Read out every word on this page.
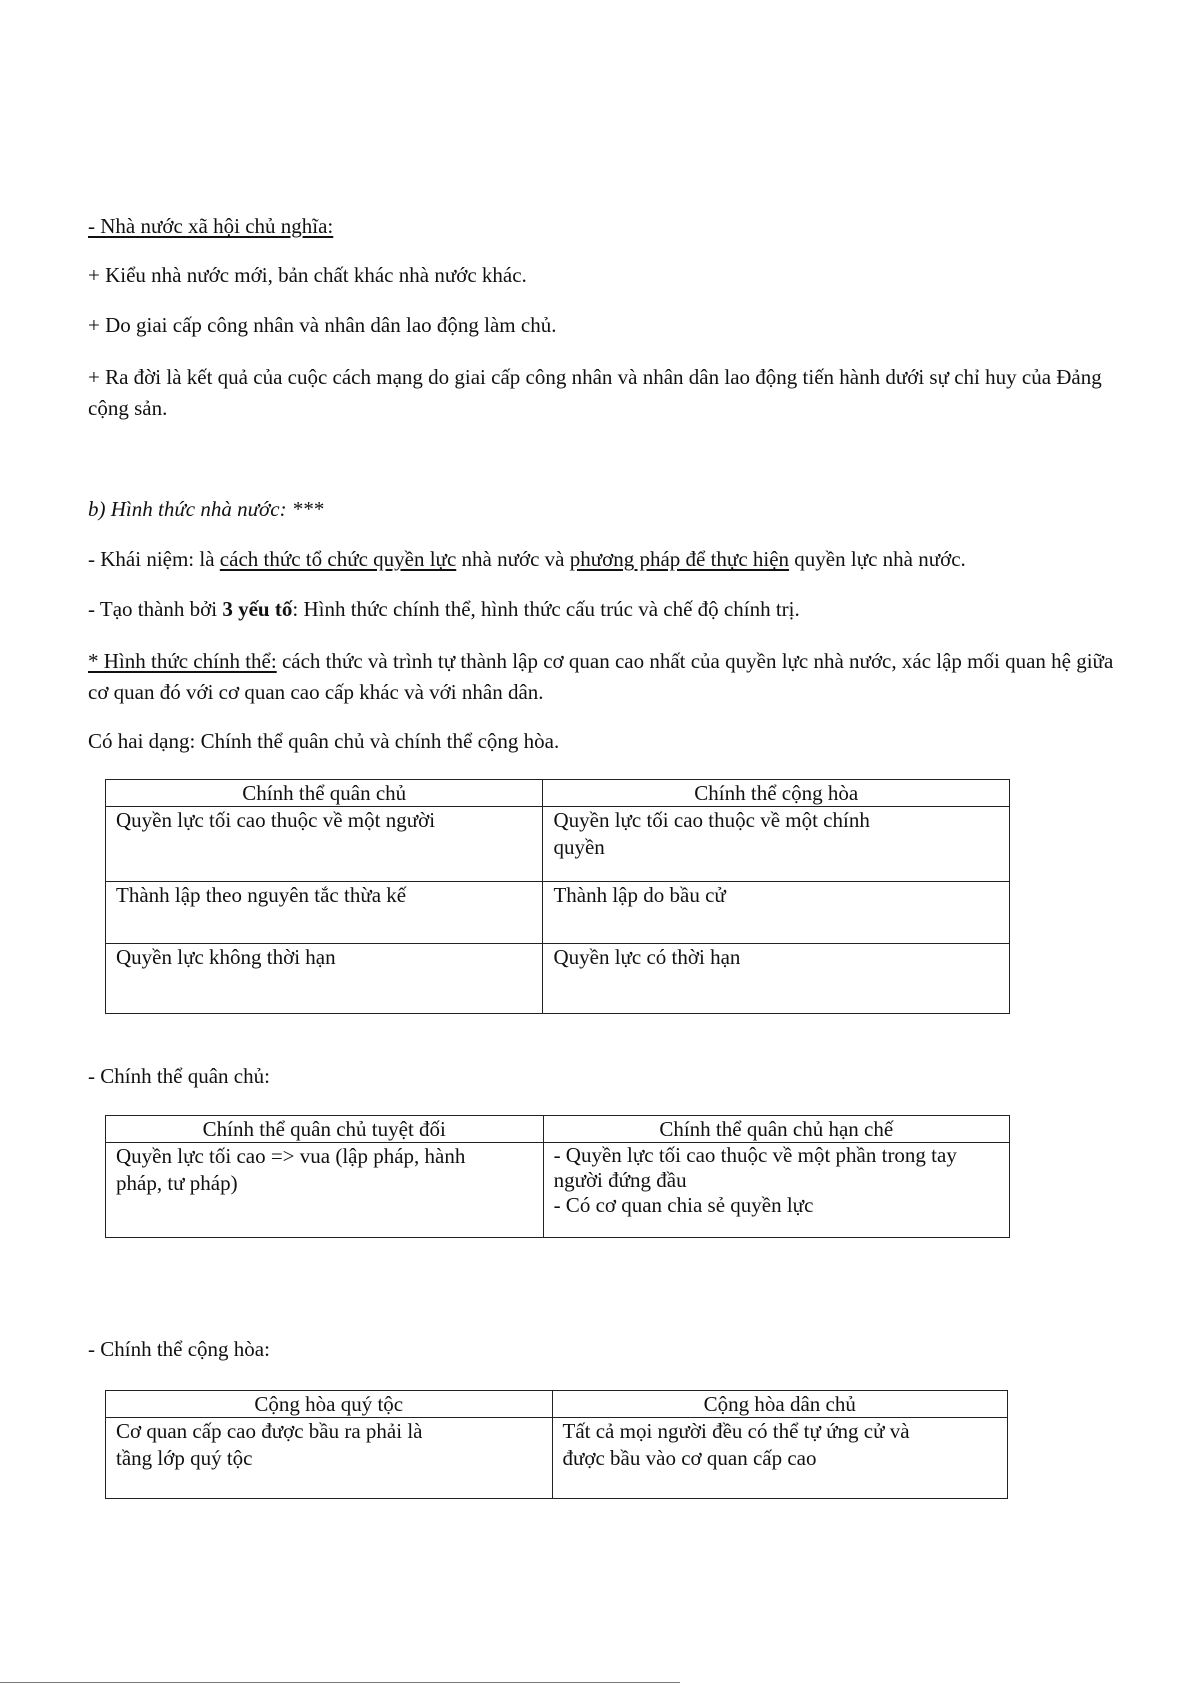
- Nhà nước xã hội chủ nghĩa:

+ Kiểu nhà nước mới, bản chất khác nhà nước khác.

+ Do giai cấp công nhân và nhân dân lao động làm chủ.

+ Ra đời là kết quả của cuộc cách mạng do giai cấp công nhân và nhân dân lao động tiến hành dưới sự chỉ huy của Đảng cộng sản.

b) Hình thức nhà nước: ***

- Khái niệm: là cách thức tổ chức quyền lực nhà nước và phương pháp để thực hiện quyền lực nhà nước.

- Tạo thành bởi 3 yếu tố: Hình thức chính thể, hình thức cấu trúc và chế độ chính trị.

* Hình thức chính thể: cách thức và trình tự thành lập cơ quan cao nhất của quyền lực nhà nước, xác lập mối quan hệ giữa cơ quan đó với cơ quan cao cấp khác và với nhân dân.

Có hai dạng: Chính thể quân chủ và chính thể cộng hòa.

Chính thể quân chủ	Chính thể cộng hòa
Quyền lực tối cao thuộc về một người	Quyền lực tối cao thuộc về một chính quyền
Thành lập theo nguyên tắc thừa kế	Thành lập do bầu cử
Quyền lực không thời hạn	Quyền lực có thời hạn

- Chính thể quân chủ:

Chính thể quân chủ tuyệt đối	Chính thể quân chủ hạn chế
Quyền lực tối cao => vua (lập pháp, hành pháp, tư pháp)	- Quyền lực tối cao thuộc về một phần trong tay người đứng đầu
- Có cơ quan chia sẻ quyền lực

- Chính thể cộng hòa:

Cộng hòa quý tộc	Cộng hòa dân chủ
Cơ quan cấp cao được bầu ra phải là tầng lớp quý tộc	Tất cả mọi người đều có thể tự ứng cử và được bầu vào cơ quan cấp cao
